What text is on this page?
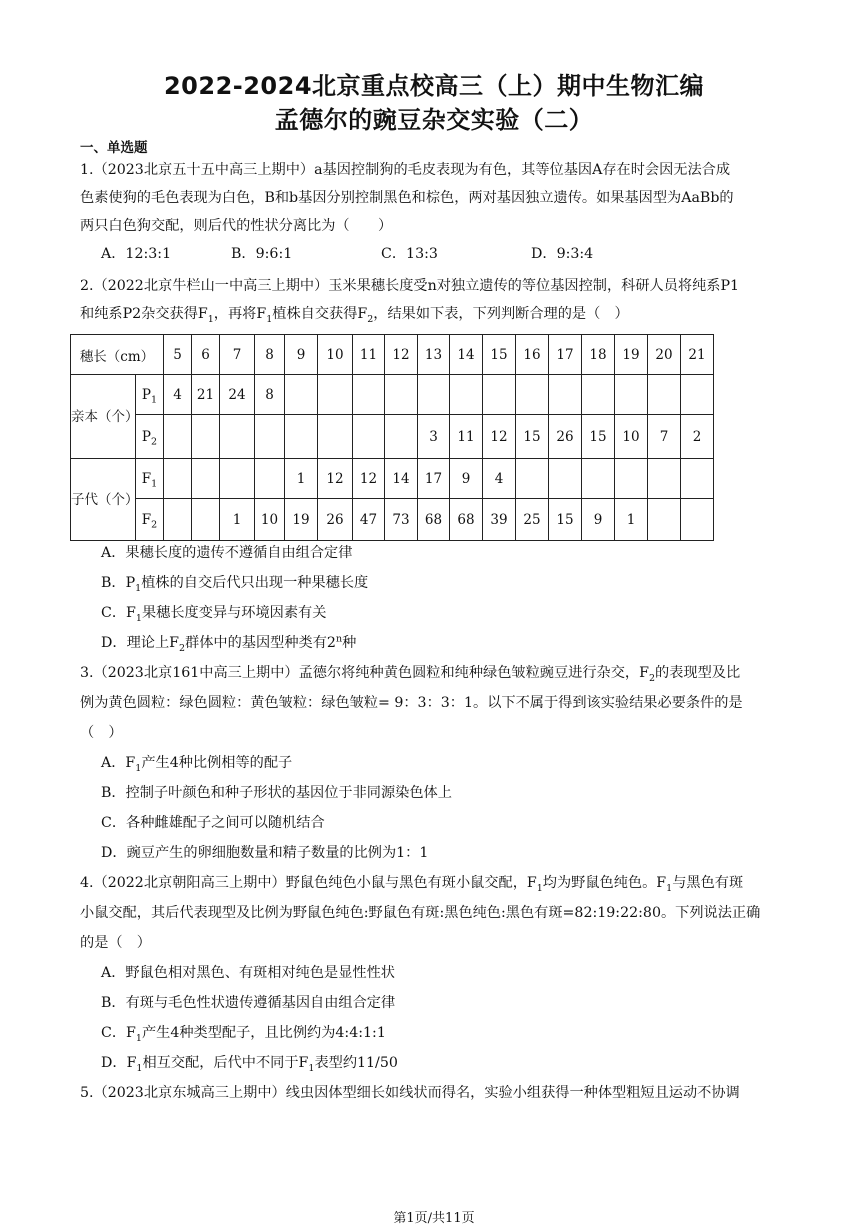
2022-2024北京重点校高三（上）期中生物汇编
孟德尔的豌豆杂交实验（二）
一、单选题
1.（2023北京五十五中高三上期中）a基因控制狗的毛皮表现为有色，其等位基因A存在时会因无法合成
色素使狗的毛色表现为白色，B和b基因分别控制黑色和棕色，两对基因独立遗传。如果基因型为AaBb的
两只白色狗交配，则后代的性状分离比为（　　）
A．12:3:1	B．9:6:1	C．13:3	D．9:3:4
2.（2022北京牛栏山一中高三上期中）玉米果穗长度受n对独立遗传的等位基因控制，科研人员将纯系P1
和纯系P2杂交获得$F_1$，再将$F_1$植株自交获得$F_2$，结果如下表，下列判断合理的是（　）
穗长（cm）		5	6	7	8	9	10	11	12	13	14	15	16	17	18	19	20	21
亲本（个）	$P_1$	4	21	24	8													
	$P_2$									3	11	12	15	26	15	10	7	2
子代（个）	$F_1$					1	12	12	14	17	9	4						
	$F_2$			1	10	19	26	47	73	68	68	39	25	15	9	1		
A．果穗长度的遗传不遵循自由组合定律
B．$P_1$植株的自交后代只出现一种果穗长度
C．$F_1$果穗长度变异与环境因素有关
D．理论上$F_2$群体中的基因型种类有2$^n$种
3.（2023北京161中高三上期中）孟德尔将纯种黄色圆粒和纯种绿色皱粒豌豆进行杂交，$F_2$的表现型及比
例为黄色圆粒：绿色圆粒：黄色皱粒：绿色皱粒= 9：3：3：1。以下不属于得到该实验结果必要条件的是
（　）
A．$F_1$产生4种比例相等的配子
B．控制子叶颜色和种子形状的基因位于非同源染色体上
C．各种雌雄配子之间可以随机结合
D．豌豆产生的卵细胞数量和精子数量的比例为1：1
4.（2022北京朝阳高三上期中）野鼠色纯色小鼠与黑色有斑小鼠交配，$F_1$均为野鼠色纯色。$F_1$与黑色有斑
小鼠交配，其后代表现型及比例为野鼠色纯色:野鼠色有斑:黑色纯色:黑色有斑=82:19:22:80。下列说法正确
的是（　）
A．野鼠色相对黑色、有斑相对纯色是显性性状
B．有斑与毛色性状遗传遵循基因自由组合定律
C．$F_1$产生4种类型配子，且比例约为4:4:1:1
D．$F_1$相互交配，后代中不同于$F_1$表型约11/50
5.（2023北京东城高三上期中）线虫因体型细长如线状而得名，实验小组获得一种体型粗短且运动不协调
第1页/共11页
